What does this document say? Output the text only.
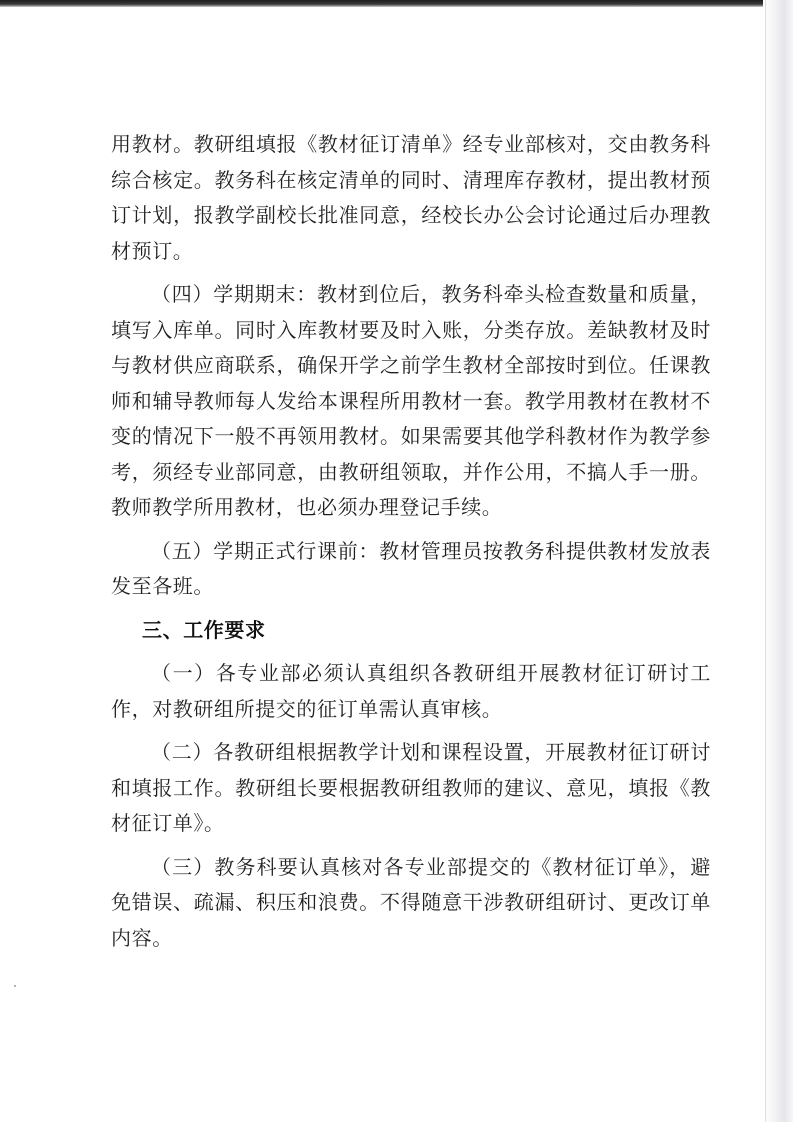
用教材。教研组填报《教材征订清单》经专业部核对，交由教务科综合核定。教务科在核定清单的同时、清理库存教材，提出教材预订计划，报教学副校长批准同意，经校长办公会讨论通过后办理教材预订。

（四）学期期末：教材到位后，教务科牵头检查数量和质量，填写入库单。同时入库教材要及时入账，分类存放。差缺教材及时与教材供应商联系，确保开学之前学生教材全部按时到位。任课教师和辅导教师每人发给本课程所用教材一套。教学用教材在教材不变的情况下一般不再领用教材。如果需要其他学科教材作为教学参考，须经专业部同意，由教研组领取，并作公用，不搞人手一册。教师教学所用教材，也必须办理登记手续。

（五）学期正式行课前：教材管理员按教务科提供教材发放表发至各班。

三、工作要求

（一）各专业部必须认真组织各教研组开展教材征订研讨工作，对教研组所提交的征订单需认真审核。

（二）各教研组根据教学计划和课程设置，开展教材征订研讨和填报工作。教研组长要根据教研组教师的建议、意见，填报《教材征订单》。

（三）教务科要认真核对各专业部提交的《教材征订单》，避免错误、疏漏、积压和浪费。不得随意干涉教研组研讨、更改订单内容。
